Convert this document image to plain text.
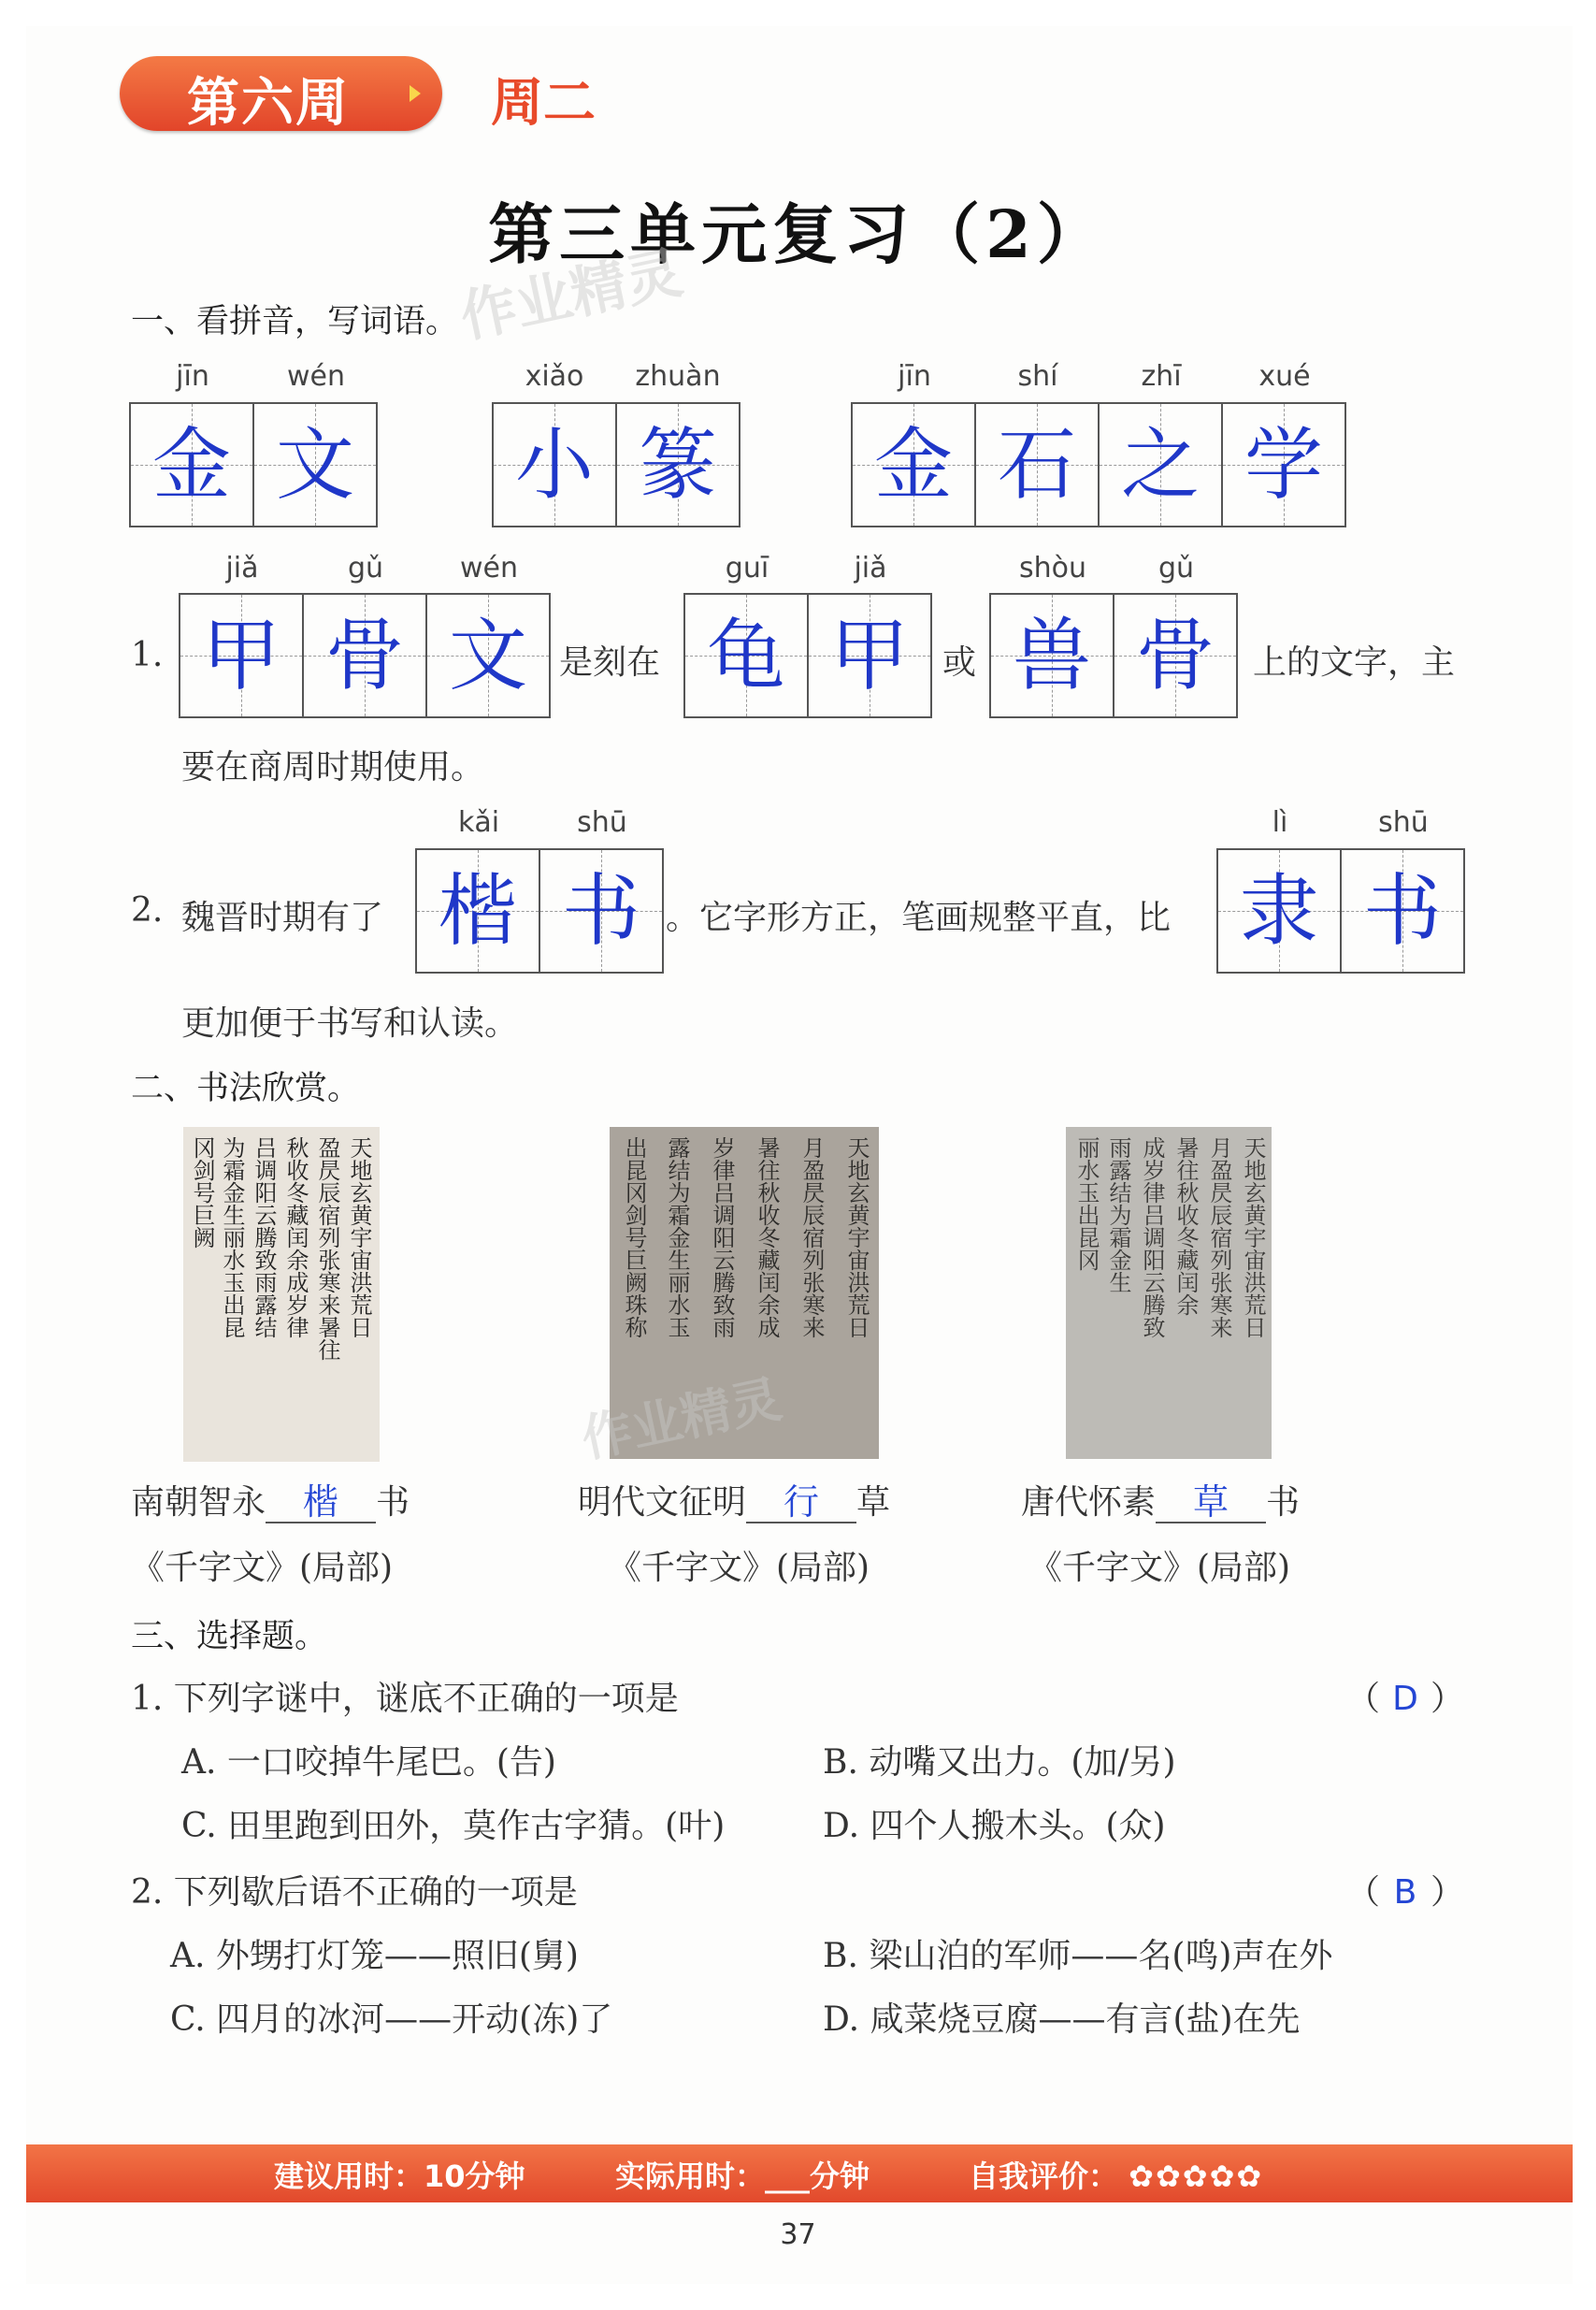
第六周	周二
第三单元复习（2）
作业精灵
一、看拼音，写词语。
jīn	wén
金 文
xiǎo	zhuàn
小 篆
jīn	shí	zhī	xué
金 石 之 学
jiǎ	gǔ	wén
1. 甲 骨 文 是刻在
guī	jiǎ
龟 甲	或
shòu	gǔ
兽 骨	上的文字，主
要在商周时期使用。
2. 魏晋时期有了
kǎi	shū
楷 书 。它字形方正，笔画规整平直，比
lì	shū
隶 书
更加便于书写和认读。
二、书法欣赏。
天地玄黄宇宙洪荒日
盈昃辰宿列张寒来暑往
秋收冬藏闰余成岁律
吕调阳云腾致雨露结
为霜金生丽水玉出昆
冈剑号巨阙	天地玄黄宇宙洪荒日
月盈昃辰宿列张寒来
暑往秋收冬藏闰余成
岁律吕调阳云腾致雨
露结为霜金生丽水玉
出昆冈剑号巨阙珠称	天地玄黄宇宙洪荒日
月盈昃辰宿列张寒来
暑往秋收冬藏闰余
成岁律吕调阳云腾致
雨露结为霜金生
丽水玉出昆冈
作业精灵
南朝智永	楷	书
《千字文》(局部)
明代文征明	行	草
《千字文》(局部)
唐代怀素	草	书
《千字文》(局部)
三、选择题。
1. 下列字谜中，谜底不正确的一项是	（ D ）
A. 一口咬掉牛尾巴。(告)	B. 动嘴又出力。(加/另)
C. 田里跑到田外，莫作古字猜。(叶)	D. 四个人搬木头。(众)
2. 下列歇后语不正确的一项是	（ B ）
A. 外甥打灯笼——照旧(舅)	B. 梁山泊的军师——名(鸣)声在外
C. 四月的冰河——开动(冻)了	D. 咸菜烧豆腐——有言(盐)在先
建议用时：10分钟	实际用时：___分钟	自我评价： ✿✿✿✿✿
37
